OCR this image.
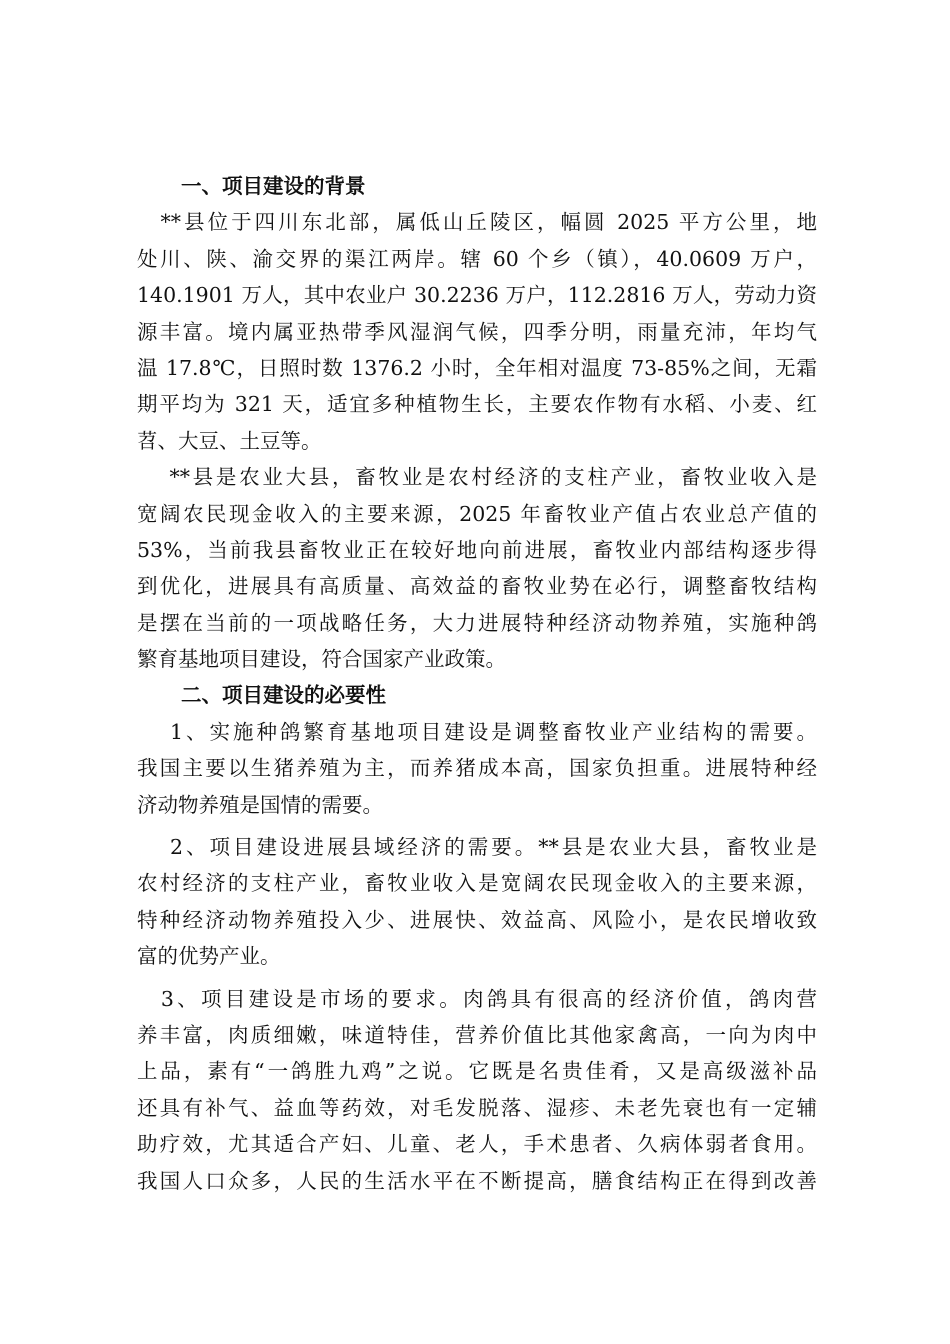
一、项目建设的背景
　**县位于四川东北部，属低山丘陵区，幅圆 2025 平方公里，地
处川、陕、渝交界的渠江两岸。辖 60 个乡（镇），40.0609 万户，
140.1901 万人，其中农业户 30.2236 万户，112.2816 万人，劳动力资
源丰富。境内属亚热带季风湿润气候，四季分明，雨量充沛，年均气
温 17.8℃，日照时数 1376.2 小时，全年相对温度 73-85%之间，无霜
期平均为 321 天，适宜多种植物生长，主要农作物有水稻、小麦、红
苕、大豆、土豆等。
　 **县是农业大县，畜牧业是农村经济的支柱产业，畜牧业收入是
宽阔农民现金收入的主要来源，2025 年畜牧业产值占农业总产值的
53%，当前我县畜牧业正在较好地向前进展，畜牧业内部结构逐步得
到优化，进展具有高质量、高效益的畜牧业势在必行，调整畜牧结构
是摆在当前的一项战略任务，大力进展特种经济动物养殖，实施种鸽
繁育基地项目建设，符合国家产业政策。
二、项目建设的必要性
　 1、实施种鸽繁育基地项目建设是调整畜牧业产业结构的需要。
我国主要以生猪养殖为主，而养猪成本高，国家负担重。进展特种经
济动物养殖是国情的需要。
　 2、项目建设进展县域经济的需要。**县是农业大县，畜牧业是
农村经济的支柱产业，畜牧业收入是宽阔农民现金收入的主要来源，
特种经济动物养殖投入少、进展快、效益高、风险小，是农民增收致
富的优势产业。
　3、项目建设是市场的要求。肉鸽具有很高的经济价值，鸽肉营
养丰富，肉质细嫩，味道特佳，营养价值比其他家禽高，一向为肉中
上品，素有“一鸽胜九鸡”之说。它既是名贵佳肴，又是高级滋补品
还具有补气、益血等药效，对毛发脱落、湿疹、未老先衰也有一定辅
助疗效，尤其适合产妇、儿童、老人，手术患者、久病体弱者食用。
我国人口众多，人民的生活水平在不断提高，膳食结构正在得到改善
